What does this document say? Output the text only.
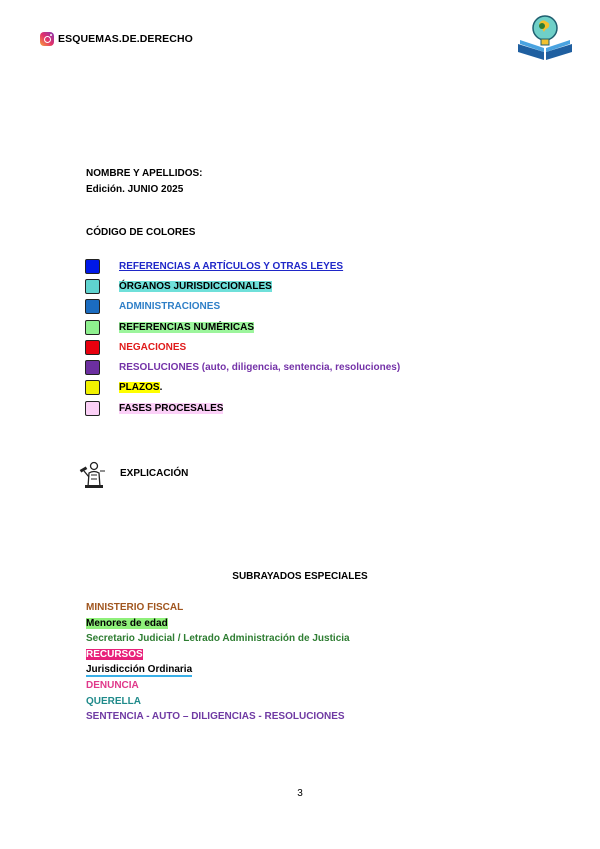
ESQUEMAS.DE.DERECHO
NOMBRE Y APELLIDOS:
Edición. JUNIO 2025
CÓDIGO DE COLORES
REFERENCIAS A ARTÍCULOS Y OTRAS LEYES
ÓRGANOS JURISDICCIONALES
ADMINISTRACIONES
REFERENCIAS NUMÉRICAS
NEGACIONES
RESOLUCIONES (auto, diligencia, sentencia, resoluciones)
PLAZOS.
FASES PROCESALES
EXPLICACIÓN
SUBRAYADOS ESPECIALES
MINISTERIO FISCAL
Menores de edad
Secretario Judicial / Letrado Administración de Justicia
RECURSOS
Jurisdicción Ordinaria
DENUNCIA
QUERELLA
SENTENCIA - AUTO – DILIGENCIAS - RESOLUCIONES
3
